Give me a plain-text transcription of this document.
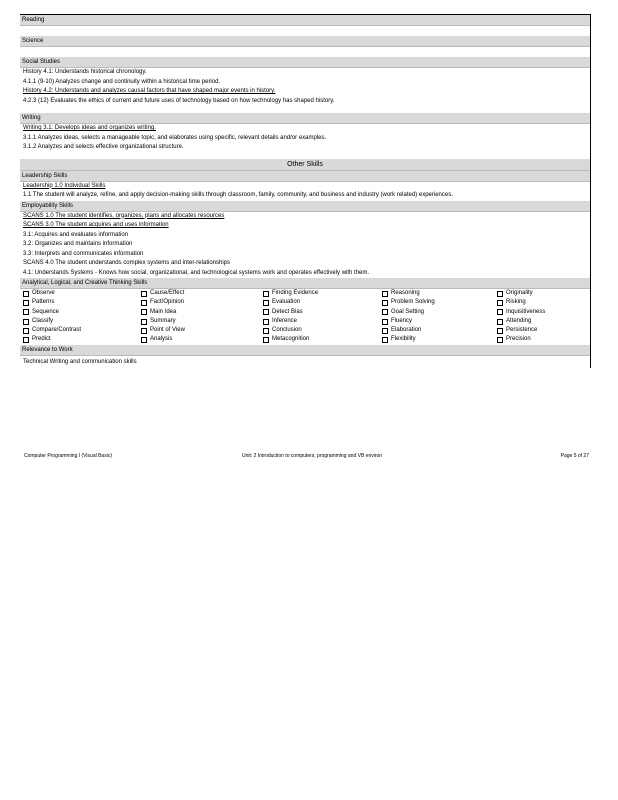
Reading
Science
Social Studies
History 4.1: Understands historical chronology.
4.1.1 (9-10) Analyzes change and continuity within a historical time period.
History 4.2: Understands and analyzes causal factors that have shaped major events in history.
4.2.3 (12) Evaluates the ethics of current and future uses of technology based on how technology has shaped history.
Writing
Writing 3.1: Develops ideas and organizes writing.
3.1.1 Analyzes ideas, selects a manageable topic, and elaborates using specific, relevant details and/or examples.
3.1.2 Analyzes and selects effective organizational structure.
Other Skills
Leadership Skills
Leadership 1.0 Individual Skills
1.1 The student will analyze, refine, and apply decision-making skills through classroom, family, community, and business and industry (work related) experiences.
Employability Skills
SCANS 1.0 The student identifies, organizes, plans and allocates resources
SCANS 3.0 The student acquires and uses information
3.1: Acquires and evaluates information
3.2: Organizes and maintains information
3.3: Interprets and communicates information
SCANS 4.0 The student understands complex systems and inter-relationships
4.1: Understands Systems - Knows how social, organizational, and technological systems work and operates effectively with them.
Analytical, Logical, and Creative Thinking Skills
Observe	Cause/Effect	Finding Evidence	Reasoning	Originality
Patterns	Fact/Opinion	Evaluation	Problem Solving	Risking
Sequence	Main Idea	Detect Bias	Goal Setting	Inquisitiveness
Classify	Summary	Inference	Fluency	Attending
Compare/Contrast	Point of View	Conclusion	Elaboration	Persistence
Predict	Analysis	Metacognition	Flexibility	Precision
Relevance to Work
Technical Writing and communication skills
Computer Programming I (Visual Basic)	Unit: 2 Introduction to computers, programming and VB environ	Page 5 of 27
